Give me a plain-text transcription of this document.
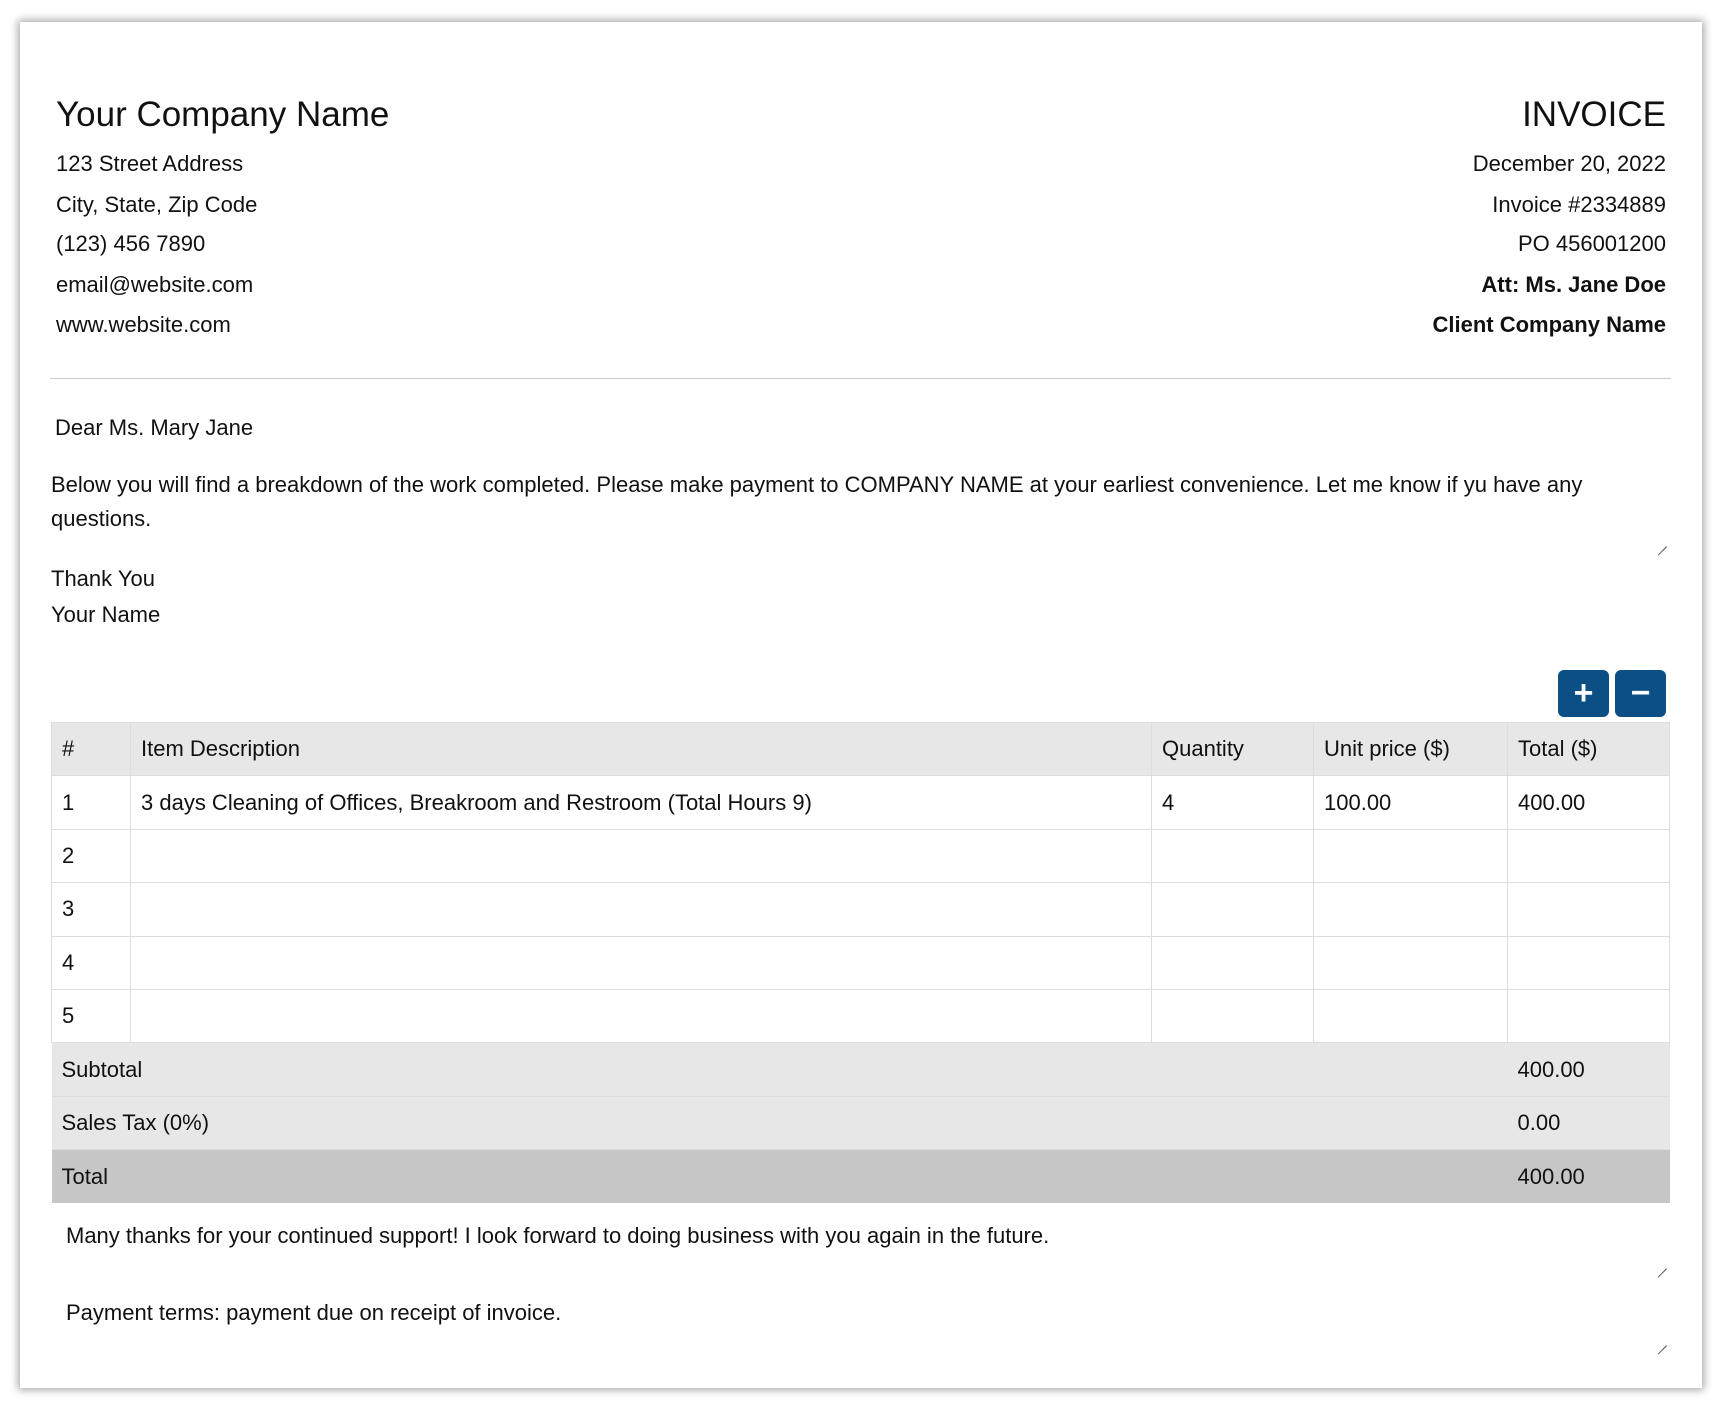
Your Company Name
123 Street Address
City, State, Zip Code
(123) 456 7890
email@website.com
www.website.com
INVOICE
December 20, 2022
Invoice #2334889
PO 456001200
Att: Ms. Jane Doe
Client Company Name
Dear Ms. Mary Jane
Below you will find a breakdown of the work completed. Please make payment to COMPANY NAME at your earliest convenience. Let me know if yu have any questions.
Thank You
Your Name
+	−
#	Item Description	Quantity	Unit price ($)	Total ($)
1	3 days Cleaning of Offices, Breakroom and Restroom (Total Hours 9)	4	100.00	400.00
2				
3				
4				
5				
Subtotal				400.00
Sales Tax (0%)				0.00
Total				400.00
Many thanks for your continued support! I look forward to doing business with you again in the future.
Payment terms: payment due on receipt of invoice.
